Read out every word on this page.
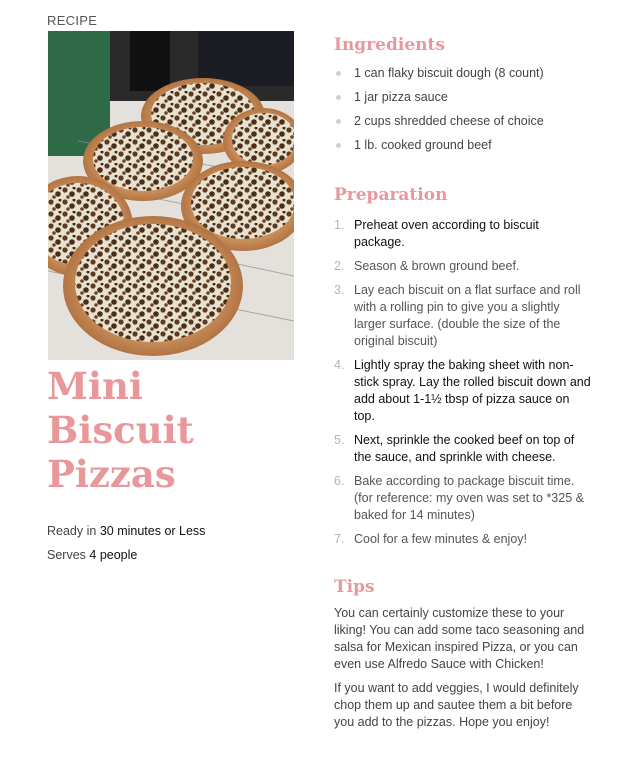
RECIPE
Mini Biscuit
Pizzas
Ready in 30 minutes or Less
Serves 4 people
Ingredients
1 can flaky biscuit dough (8 count)
1 jar pizza sauce
2 cups shredded cheese of choice
1 lb. cooked ground beef
Preparation
1. Preheat oven according to biscuit package.
2. Season & brown ground beef.
3. Lay each biscuit on a flat surface and roll with a rolling pin to give you a slightly larger surface. (double the size of the original biscuit)
4. Lightly spray the baking sheet with non-stick spray. Lay the rolled biscuit down and add about 1-1½ tbsp of pizza sauce on top.
5. Next, sprinkle the cooked beef on top of the sauce, and sprinkle with cheese.
6. Bake according to package biscuit time. (for reference: my oven was set to *325 & baked for 14 minutes)
7. Cool for a few minutes & enjoy!
Tips

You can certainly customize these to your liking! You can add some taco seasoning and salsa for Mexican inspired Pizza, or you can even use Alfredo Sauce with Chicken!

If you want to add veggies, I would definitely chop them up and sautee them a bit before you add to the pizzas. Hope you enjoy!
